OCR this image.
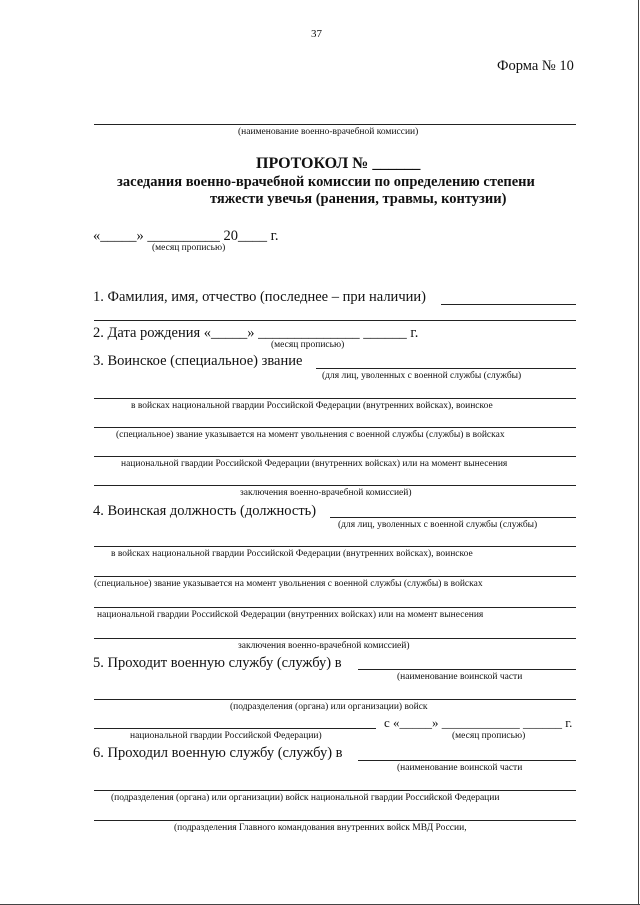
37
Форма № 10
(наименование военно-врачебной комиссии)
ПРОТОКОЛ № ______
заседания военно-врачебной комиссии по определению степени
тяжести увечья (ранения, травмы, контузии)
«_____» __________ 20____ г.
(месяц прописью)
1. Фамилия, имя, отчество (последнее – при наличии)
2. Дата рождения «_____» ______________ ______ г.
(месяц прописью)
3. Воинское (специальное) звание
(для лиц, уволенных с военной службы (службы)
в войсках национальной гвардии Российской Федерации (внутренних войсках), воинское
(специальное) звание указывается на момент увольнения с военной службы (службы) в войсках
национальной гвардии Российской Федерации (внутренних войсках) или на момент вынесения
заключения военно-врачебной комиссией)
4. Воинская должность (должность)
(для лиц, уволенных с военной службы (службы)
в войсках национальной гвардии Российской Федерации (внутренних войсках), воинское
(специальное) звание указывается на момент увольнения с военной службы (службы) в войсках
национальной гвардии Российской Федерации (внутренних войсках) или на момент вынесения
заключения военно-врачебной комиссией)
5. Проходит военную службу (службу) в
(наименование воинской части
(подразделения (органа) или организации) войск
с «_____» ____________ ______ г.
национальной гвардии Российской Федерации)	(месяц прописью)
6. Проходил военную службу (службу) в
(наименование воинской части
(подразделения (органа) или организации) войск национальной гвардии Российской Федерации
(подразделения Главного командования внутренних войск МВД России,
